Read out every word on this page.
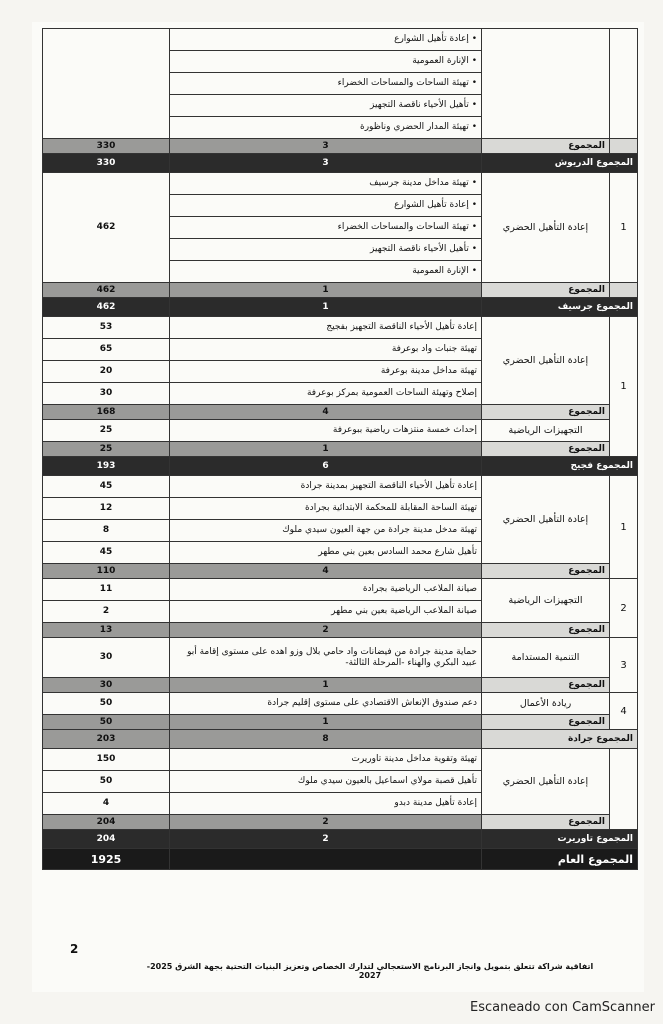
		• إعادة تأهيل الشوارع	
		• الإنارة العمومية
		• تهيئة الساحات والمساحات الخضراء
		• تأهيل الأحياء ناقصة التجهيز
		• تهيئة المدار الحضري وناظورة
	المجموع	3	330
المجموع الدريوش		3	330
1	إعادة التأهيل الحضري	• تهيئة مداخل مدينة جرسيف	462
		• إعادة تأهيل الشوارع
		• تهيئة الساحات والمساحات الخضراء
		• تأهيل الأحياء ناقصة التجهيز
		• الإنارة العمومية
	المجموع	1	462
المجموع جرسيف		1	462
1	إعادة التأهيل الحضري	إعادة تأهيل الأحياء الناقصة التجهيز بفجيج	53
		تهيئة جنبات واد بوعرفة	65
		تهيئة مداخل مدينة بوعرفة	20
		إصلاح وتهيئة الساحات العمومية بمركز بوعرفة	30
	المجموع	4	168
	التجهيزات الرياضية	إحداث خمسة منتزهات رياضية ببوعرفة	25
	المجموع	1	25
المجموع فجيج		6	193
1	إعادة التأهيل الحضري	إعادة تأهيل الأحياء الناقصة التجهيز بمدينة جرادة	45
		تهيئة الساحة المقابلة للمحكمة الابتدائية بجرادة	12
		تهيئة مدخل مدينة جرادة من جهة العيون سيدي ملوك	8
		تأهيل شارع محمد السادس بعين بني مطهر	45
	المجموع	4	110
2	التجهيزات الرياضية	صيانة الملاعب الرياضية بجرادة	11
		صيانة الملاعب الرياضية بعين بني مطهر	2
	المجموع	2	13
3	التنمية المستدامة	حماية مدينة جرادة من فيضانات واد حامي بلال وزو اهده على مستوى إقامة أبو عبيد البكري والهناء -المرحلة الثالثة-	30
	المجموع	1	30
4	ريادة الأعمال	دعم صندوق الإنعاش الاقتصادي على مستوى إقليم جرادة	50
	المجموع	1	50
المجموع جرادة		8	203
	إعادة التأهيل الحضري	تهيئة وتقوية مداخل مدينة تاوريرت	150
		تأهيل قصبة مولاي اسماعيل بالعيون سيدي ملوك	50
		إعادة تأهيل مدينة دبدو	4
	المجموع	2	204
المجموع تاوريرت		2	204
المجموع العام			1925
2
اتفاقية شراكة تتعلق بتمويل وانجاز البرنامج الاستعجالي لتدارك الخصاص وتعزيز البنيات التحتية بجهة الشرق 2025-2027
Escaneado con CamScanner
